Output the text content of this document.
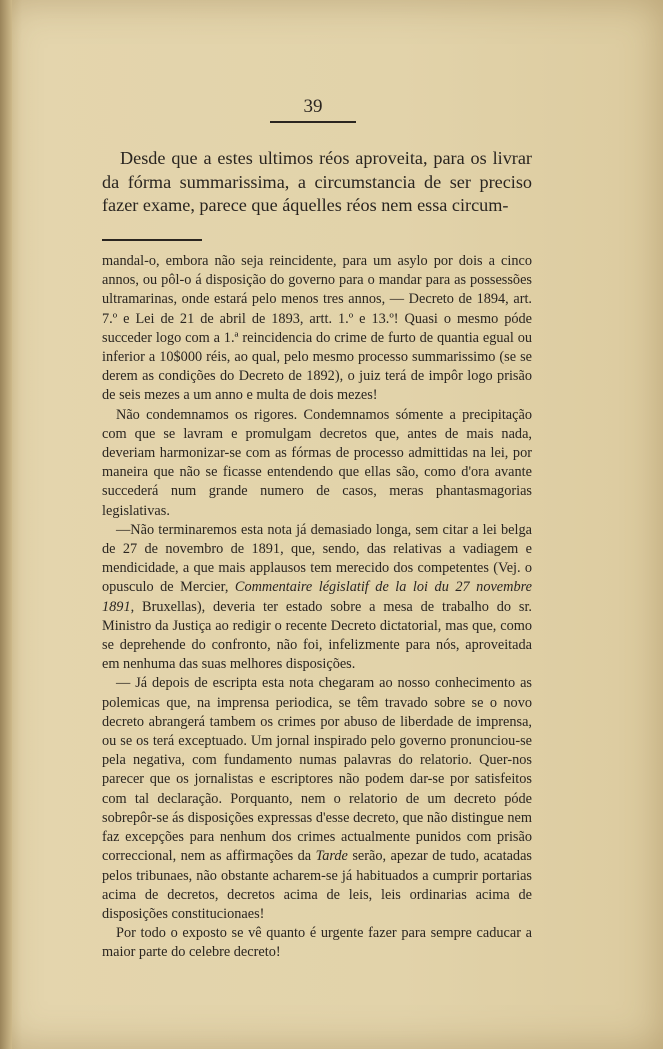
39

Desde que a estes ultimos réos aproveita, para os livrar da fórma summarissima, a circumstancia de ser preciso fazer exame, parece que áquelles réos nem essa circum-

mandal-o, embora não seja reincidente, para um asylo por dois a cinco annos, ou pôl-o á disposição do governo para o mandar para as possessões ultramarinas, onde estará pelo menos tres annos, — Decreto de 1894, art. 7.º e Lei de 21 de abril de 1893, artt. 1.º e 13.º! Quasi o mesmo póde succeder logo com a 1.ª reincidencia do crime de furto de quantia egual ou inferior a 10$000 réis, ao qual, pelo mesmo processo summarissimo (se se derem as condições do Decreto de 1892), o juiz terá de impôr logo prisão de seis mezes a um anno e multa de dois mezes!

Não condemnamos os rigores. Condemnamos sómente a precipitação com que se lavram e promulgam decretos que, antes de mais nada, deveriam harmonizar-se com as fórmas de processo admittidas na lei, por maneira que não se ficasse entendendo que ellas são, como d'ora avante succederá num grande numero de casos, meras phantasmagorias legislativas.

—Não terminaremos esta nota já demasiado longa, sem citar a lei belga de 27 de novembro de 1891, que, sendo, das relativas a vadiagem e mendicidade, a que mais applausos tem merecido dos competentes (Vej. o opusculo de Mercier, Commentaire législatif de la loi du 27 novembre 1891, Bruxellas), deveria ter estado sobre a mesa de trabalho do sr. Ministro da Justiça ao redigir o recente Decreto dictatorial, mas que, como se deprehende do confronto, não foi, infelizmente para nós, aproveitada em nenhuma das suas melhores disposições.

— Já depois de escripta esta nota chegaram ao nosso conhecimento as polemicas que, na imprensa periodica, se têm travado sobre se o novo decreto abrangerá tambem os crimes por abuso de liberdade de imprensa, ou se os terá exceptuado. Um jornal inspirado pelo governo pronunciou-se pela negativa, com fundamento numas palavras do relatorio. Quer-nos parecer que os jornalistas e escriptores não podem dar-se por satisfeitos com tal declaração. Porquanto, nem o relatorio de um decreto póde sobrepôr-se ás disposições expressas d'esse decreto, que não distingue nem faz excepções para nenhum dos crimes actualmente punidos com prisão correccional, nem as affirmações da Tarde serão, apezar de tudo, acatadas pelos tribunaes, não obstante acharem-se já habituados a cumprir portarias acima de decretos, decretos acima de leis, leis ordinarias acima de disposições constitucionaes!

Por todo o exposto se vê quanto é urgente fazer para sempre caducar a maior parte do celebre decreto!
